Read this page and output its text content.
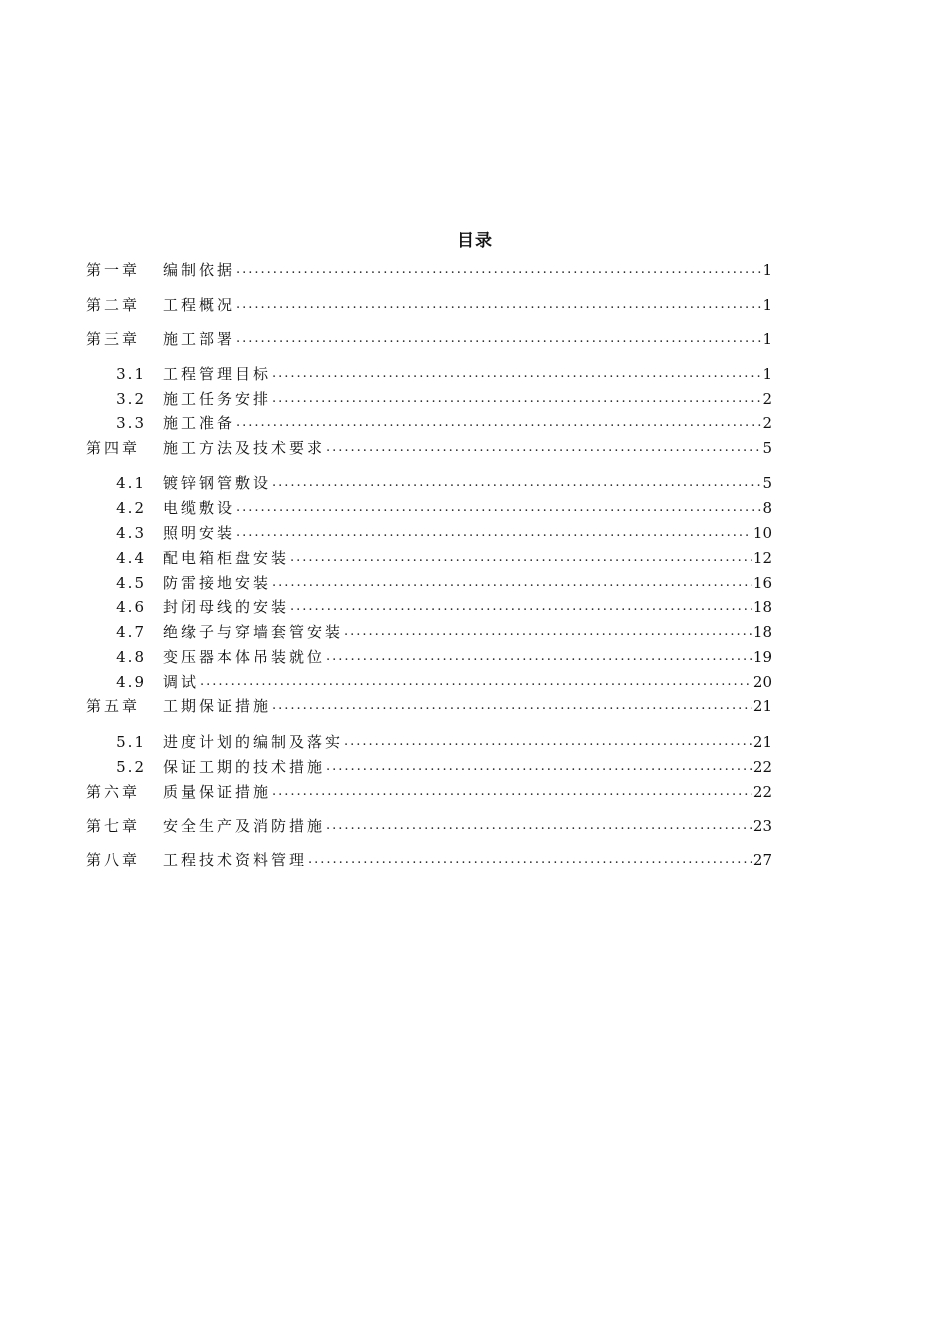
目录
第一章	编制依据 .....	1
第二章	工程概况 .....	1
第三章	施工部署 .....	1
3.1	工程管理目标 .....	1
3.2	施工任务安排 .....	2
3.3	施工准备 .....	2
第四章	施工方法及技术要求 .....	5
4.1	镀锌钢管敷设 .....	5
4.2	电缆敷设 .....	8
4.3	照明安装 .....	10
4.4	配电箱柜盘安装 .....	12
4.5	防雷接地安装 .....	16
4.6	封闭母线的安装 .....	18
4.7	绝缘子与穿墙套管安装 .....	18
4.8	变压器本体吊装就位 .....	19
4.9	调试 .....	20
第五章	工期保证措施 .....	21
5.1	进度计划的编制及落实 .....	21
5.2	保证工期的技术措施 .....	22
第六章	质量保证措施 .....	22
第七章	安全生产及消防措施 .....	23
第八章	工程技术资料管理 .....	27
